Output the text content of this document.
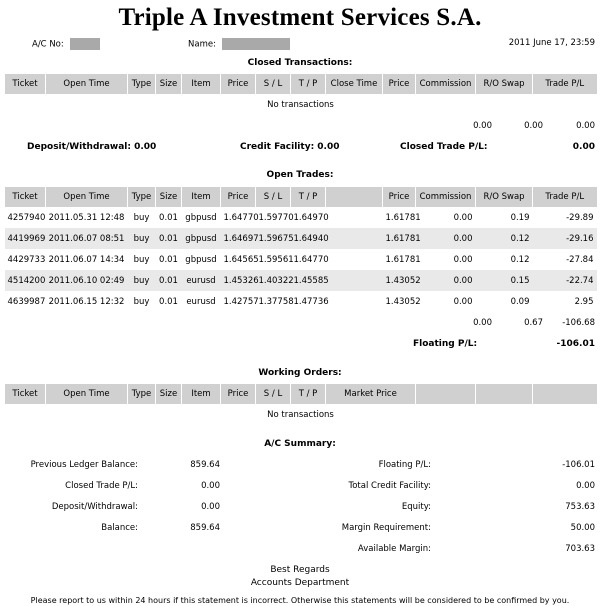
Triple A Investment Services S.A.
A/C No:	Name:	2011 June 17, 23:59
Closed Transactions:
Ticket	Open Time	Type	Size	Item	Price	S / L	T / P	Close Time	Price	Commission	R/O Swap	Trade P/L
No transactions
0.00	0.00	0.00
Deposit/Withdrawal: 0.00	Credit Facility: 0.00	Closed Trade P/L:	0.00
Open Trades:
Ticket	Open Time	Type	Size	Item	Price	S / L	T / P		Price	Commission	R/O Swap	Trade P/L
4257940	2011.05.31 12:48	buy	0.01	gbpusd	1.64770	1.59770	1.64970		1.61781	0.00	0.19	-29.89
4419969	2011.06.07 08:51	buy	0.01	gbpusd	1.64697	1.59675	1.64940		1.61781	0.00	0.12	-29.16
4429733	2011.06.07 14:34	buy	0.01	gbpusd	1.64565	1.59561	1.64770		1.61781	0.00	0.12	-27.84
4514200	2011.06.10 02:49	buy	0.01	eurusd	1.45326	1.40322	1.45585		1.43052	0.00	0.15	-22.74
4639987	2011.06.15 12:32	buy	0.01	eurusd	1.42757	1.37758	1.47736		1.43052	0.00	0.09	2.95
0.00	0.67	-106.68
Floating P/L:	-106.01
Working Orders:
Ticket	Open Time	Type	Size	Item	Price	S / L	T / P	Market Price				
No transactions
A/C Summary:
Previous Ledger Balance:	859.64
Closed Trade P/L:	0.00
Deposit/Withdrawal:	0.00
Balance:	859.64
Floating P/L:	-106.01
Total Credit Facility:	0.00
Equity:	753.63
Margin Requirement:	50.00
Available Margin:	703.63
Best Regards
Accounts Department
Please report to us within 24 hours if this statement is incorrect. Otherwise this statements will be considered to be confirmed by you.
